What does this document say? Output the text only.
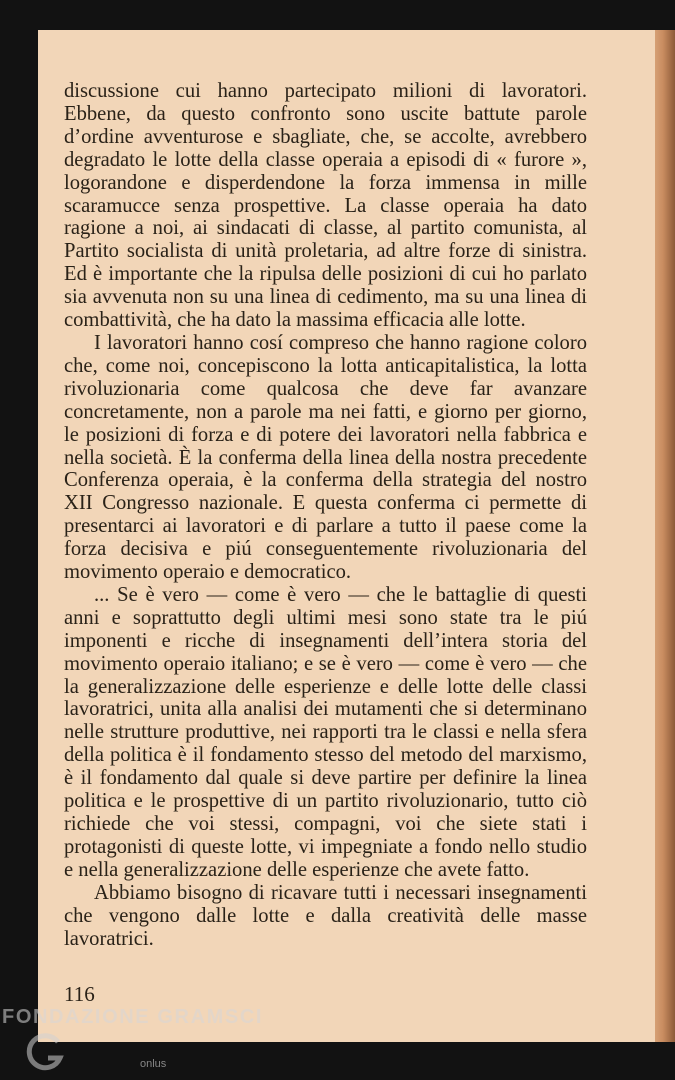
discussione cui hanno partecipato milioni di lavoratori. Ebbene, da questo confronto sono uscite battute parole d’ordine avventurose e sbagliate, che, se accolte, avrebbero degradato le lotte della classe operaia a episodi di « furore », logorandone e disperdendone la forza immensa in mille scaramucce senza prospettive. La classe operaia ha dato ragione a noi, ai sindacati di classe, al partito comunista, al Partito socialista di unità proletaria, ad altre forze di sinistra. Ed è importante che la ripulsa delle posizioni di cui ho parlato sia avvenuta non su una linea di cedimento, ma su una linea di combattività, che ha dato la massima efficacia alle lotte.

I lavoratori hanno cosí compreso che hanno ragione coloro che, come noi, concepiscono la lotta anticapitalistica, la lotta rivoluzionaria come qualcosa che deve far avanzare concretamente, non a parole ma nei fatti, e giorno per giorno, le posizioni di forza e di potere dei lavoratori nella fabbrica e nella società. È la conferma della linea della nostra precedente Conferenza operaia, è la conferma della strategia del nostro XII Congresso nazionale. E questa conferma ci permette di presentarci ai lavoratori e di parlare a tutto il paese come la forza decisiva e piú conseguentemente rivoluzionaria del movimento operaio e democratico.

... Se è vero — come è vero — che le battaglie di questi anni e soprattutto degli ultimi mesi sono state tra le piú imponenti e ricche di insegnamenti dell’intera storia del movimento operaio italiano; e se è vero — come è vero — che la generalizzazione delle esperienze e delle lotte delle classi lavoratrici, unita alla analisi dei mutamenti che si determinano nelle strutture produttive, nei rapporti tra le classi e nella sfera della politica è il fondamento stesso del metodo del marxismo, è il fondamento dal quale si deve partire per definire la linea politica e le prospettive di un partito rivoluzionario, tutto ciò richiede che voi stessi, compagni, voi che siete stati i protagonisti di queste lotte, vi impegniate a fondo nello studio e nella generalizzazione delle esperienze che avete fatto.

Abbiamo bisogno di ricavare tutti i necessari insegnamenti che vengono dalle lotte e dalla creatività delle masse lavoratrici.

116
FONDAZIONE GRAMSCI
onlus
